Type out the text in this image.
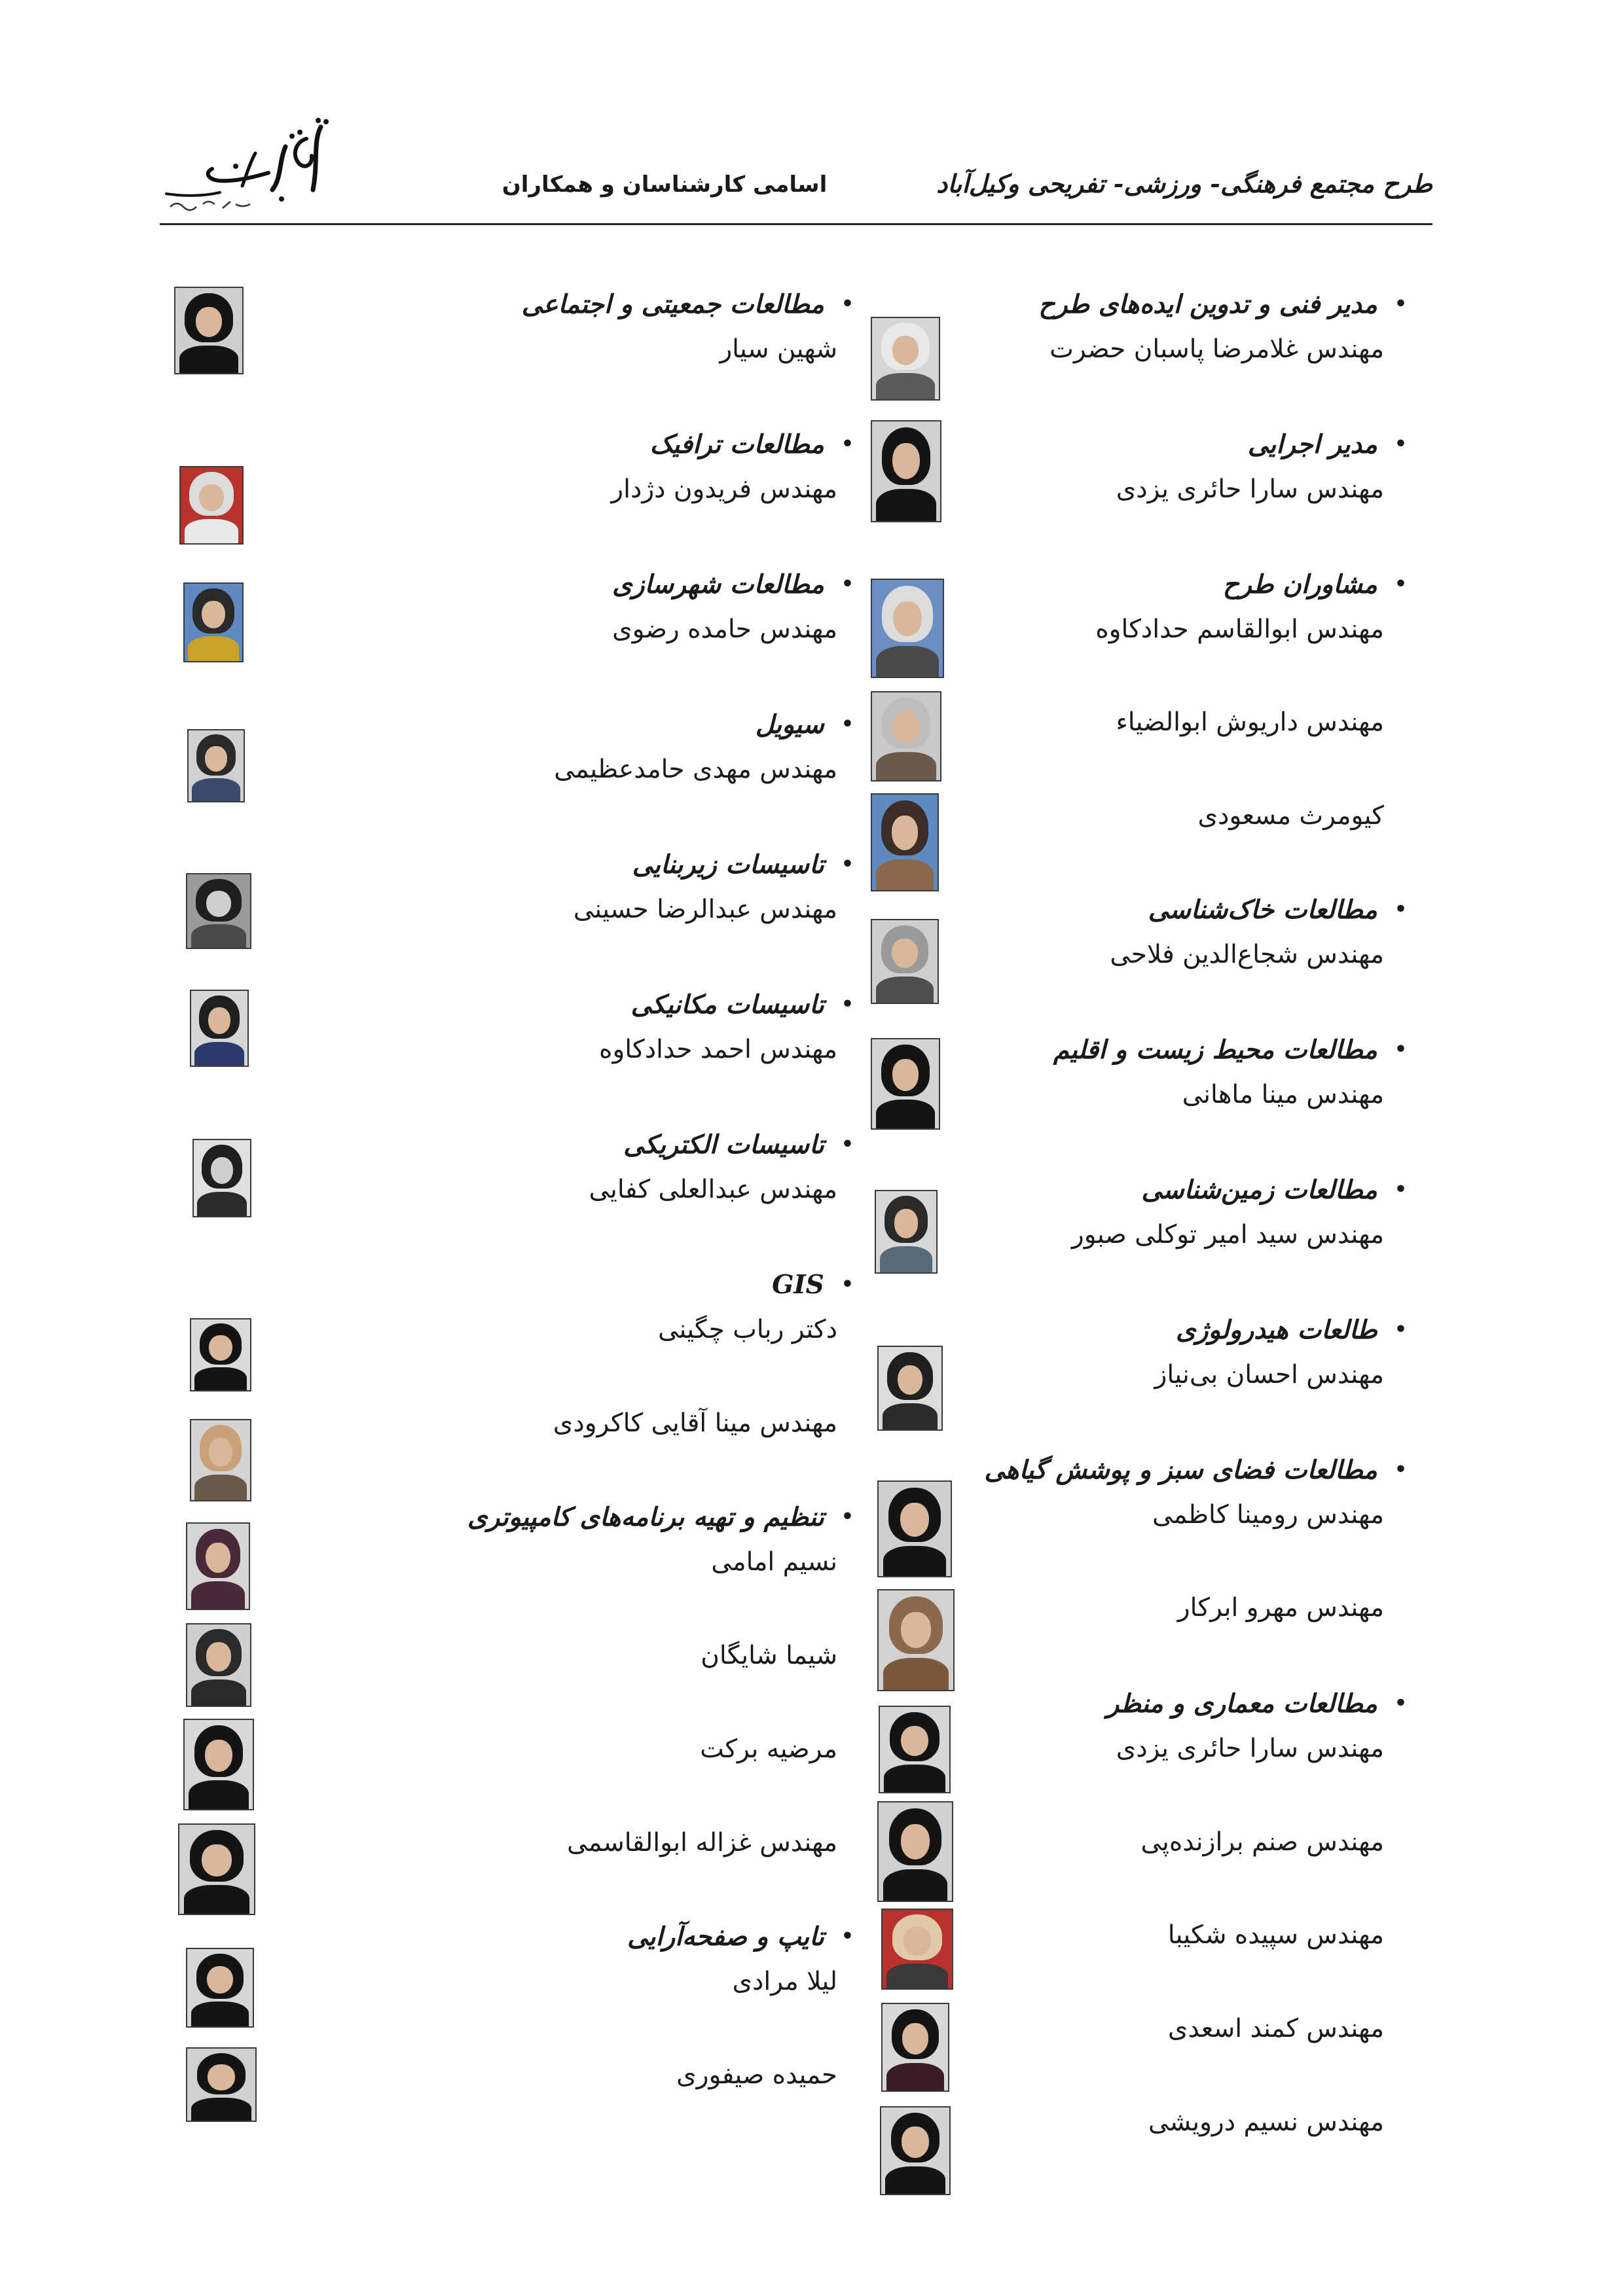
طرح مجتمع فرهنگی- ورزشی- تفریحی وکیل‌آباد
اسامی کارشناسان و همکاران
•مدیر فنی و تدوین ایده‌های طرح
مهندس غلامرضا پاسبان حضرت
•مدیر اجرایی
مهندس سارا حائری یزدی
•مشاوران طرح
مهندس ابوالقاسم حدادکاوه
مهندس داریوش ابوالضیاء
کیومرث مسعودی
•مطالعات خاک‌شناسی
مهندس شجاع‌الدین فلاحی
•مطالعات محیط زیست و اقلیم
مهندس مینا ماهانی
•مطالعات زمین‌شناسی
مهندس سید امیر توکلی صبور
•طالعات هیدرولوژی
مهندس احسان بی‌نیاز
•مطالعات فضای سبز و پوشش گیاهی
مهندس رومینا کاظمی
مهندس مهرو ابرکار
•مطالعات معماری و منظر
مهندس سارا حائری یزدی
مهندس صنم برازنده‌پی
مهندس سپیده شکیبا
مهندس کمند اسعدی
مهندس نسیم درویشی
•مطالعات جمعیتی و اجتماعی
شهین سیار
•مطالعات ترافیک
مهندس فریدون دژدار
•مطالعات شهرسازی
مهندس حامده رضوی
•سیویل
مهندس مهدی حامدعظیمی
•تاسیسات زیربنایی
مهندس عبدالرضا حسینی
•تاسیسات مکانیکی
مهندس احمد حدادکاوه
•تاسیسات الکتریکی
مهندس عبدالعلی کفایی
•GIS
دکتر رباب چگینی
مهندس مینا آقایی کاکرودی
•تنظیم و تهیه برنامه‌های کامپیوتری
نسیم امامی
شیما شایگان
مرضیه برکت
مهندس غزاله ابوالقاسمی
•تایپ و صفحه‌آرایی
لیلا مرادی
حمیده صیفوری
